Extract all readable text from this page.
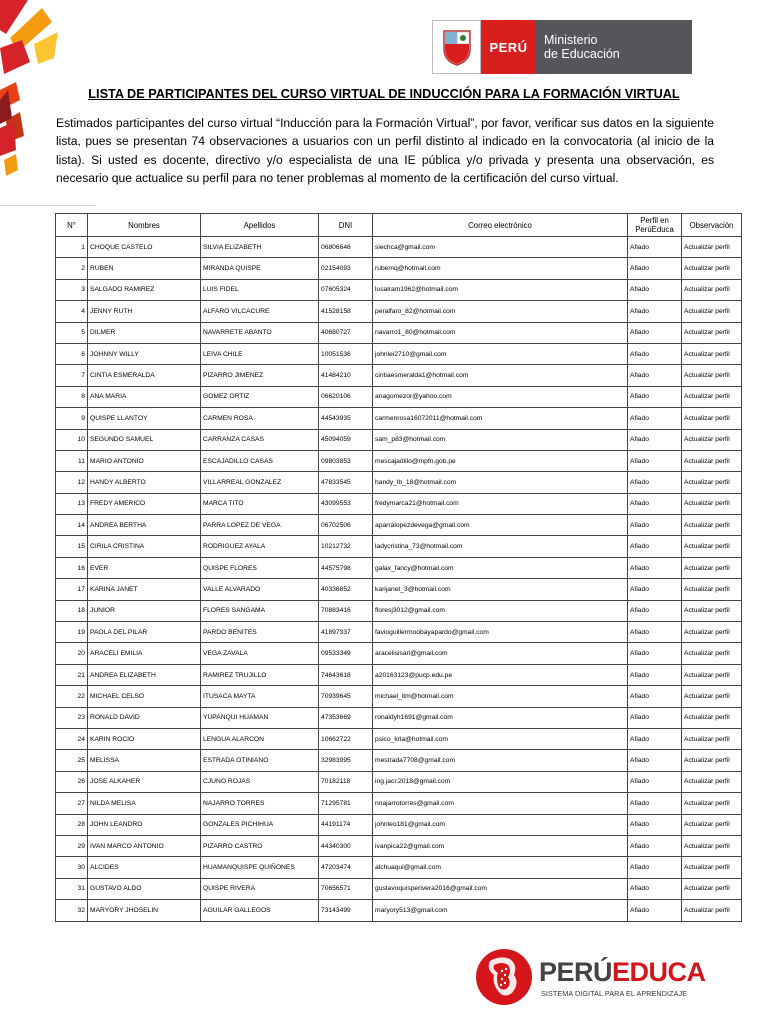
PERÚ	Ministerio
de Educación
LISTA DE PARTICIPANTES DEL CURSO VIRTUAL DE INDUCCIÓN PARA LA FORMACIÓN VIRTUAL

Estimados participantes del curso virtual “Inducción para la Formación Virtual”, por favor, verificar sus datos en la siguiente lista, pues se presentan 74 observaciones a usuarios con un perfil distinto al indicado en la convocatoria (al inicio de la lista). Si usted es docente, directivo y/o especialista de una IE pública y/o privada y presenta una observación, es necesario que actualice su perfil para no tener problemas al momento de la certificación del curso virtual.

N°	Nombres	Apellidos	DNI	Correo electrónico	Perfil en PerúEduca	Observación
1	CHOQUE CASTELO	SILVIA ELIZABETH	06806646	siechca@gmail.com	Afiado	Actualizar perfil
2	RUBEN	MIRANDA QUISPE	02154093	rubemq@hotmail.com	Afiado	Actualizar perfil
3	SALGADO RAMIREZ	LUIS FIDEL	07605324	lusalram1962@hotmail.com	Afiado	Actualizar perfil
4	JENNY RUTH	ALFARO VILCACURE	41528158	peralfaro_82@hotmail.com	Afiado	Actualizar perfil
5	DILMER	NAVARRETE ABANTO	40680727	navarro1_80@hotmail.com	Afiado	Actualizar perfil
6	JOHNNY WILLY	LEIVA CHILE	10051536	johnlei2710@gmail.com	Afiado	Actualizar perfil
7	CINTIA ESMERALDA	PIZARRO JIMENEZ	41484210	cintiaesmeralda1@hotmail.com	Afiado	Actualizar perfil
8	ANA MARIA	GOMEZ ORTIZ	06620106	anagomezor@yahoo.com	Afiado	Actualizar perfil
9	QUISPE LLANTOY	CARMEN ROSA	44543935	carmenrosa16072011@hotmail.com	Afiado	Actualizar perfil
10	SEGUNDO SAMUEL	CARRANZA CASAS	45094059	sam_p83@hotmail.com	Afiado	Actualizar perfil
11	MARIO ANTONIO	ESCAJADILLO CASAS	09803853	mescajadillo@mpfn.gob.pe	Afiado	Actualizar perfil
12	HANDY ALBERTO	VILLARREAL GONZALEZ	47833545	handy_lb_18@hotmail.com	Afiado	Actualizar perfil
13	FREDY AMERICO	MARCA TITO	43099553	fredymarca21@hotmail.com	Afiado	Actualizar perfil
14	ANDREA BERTHA	PARRA LOPEZ DE VEGA	06702506	aparralopezdevega@gmail.com	Afiado	Actualizar perfil
15	CIRILA CRISTINA	RODRIGUEZ AYALA	10212732	ladycristina_73@hotmail.com	Afiado	Actualizar perfil
16	EVER	QUISPE FLORES	44575798	galax_fancy@hotmail.com	Afiado	Actualizar perfil
17	KARINA JANET	VALLE ALVARADO	40336852	karijanet_3@hotmail.com	Afiado	Actualizar perfil
18	JUNIOR	FLORES SANGAMA	70883416	floresj3012@gmail.com	Afiado	Actualizar perfil
19	PAOLA DEL PILAR	PARDO BENITES	41897337	favioguillermoobayapardo@gmail.com	Afiado	Actualizar perfil
20	ARACELI EMILIA	VEGA ZAVALA	09533349	aracelisisari@gmail.com	Afiado	Actualizar perfil
21	ANDREA ELIZABETH	RAMIREZ TRUJILLO	74643618	a20163123@pucp.edu.pe	Afiado	Actualizar perfil
22	MICHAEL CELSO	ITUSACA MAYTA	70939645	michael_itm@hotmail.com	Afiado	Actualizar perfil
23	RONALD DAVID	YUPANQUI HUAMAN	47353669	ronaldyh1691@gmail.com	Afiado	Actualizar perfil
24	KARIN ROCIO	LENGUA ALARCON	10662722	psico_krla@hotmail.com	Afiado	Actualizar perfil
25	MELISSA	ESTRADA OTINIANO	32983995	mestrada7708@gmail.com	Afiado	Actualizar perfil
26	JOSE ALKAHER	CJUNO ROJAS	70182118	ing.jacr.2018@gmail.com	Afiado	Actualizar perfil
27	NILDA MELISA	NAJARRO TORRES	71295781	nnajarrotorres@gmail.com	Afiado	Actualizar perfil
28	JOHN LEANDRO	GONZALES PICHIHUA	44191174	johnleo181@gmail.com	Afiado	Actualizar perfil
29	IVAN MARCO ANTONIO	PIZARRO CASTRO	44340300	ivanpica22@gmail.com	Afiado	Actualizar perfil
30	ALCIDES	HUAMANQUISPE QUIÑONES	47203474	alchuaqui@gmail.com	Afiado	Actualizar perfil
31	GUSTAVO ALDO	QUISPE RIVERA	70656571	gustavoquisperivera2016@gmail.com	Afiado	Actualizar perfil
32	MARYORY JHOSELIN	AGUILAR GALLEGOS	73143499	maryory513@gmail.com	Afiado	Actualizar perfil
PERÚEDUCA
SISTEMA DIGITAL PARA EL APRENDIZAJE
